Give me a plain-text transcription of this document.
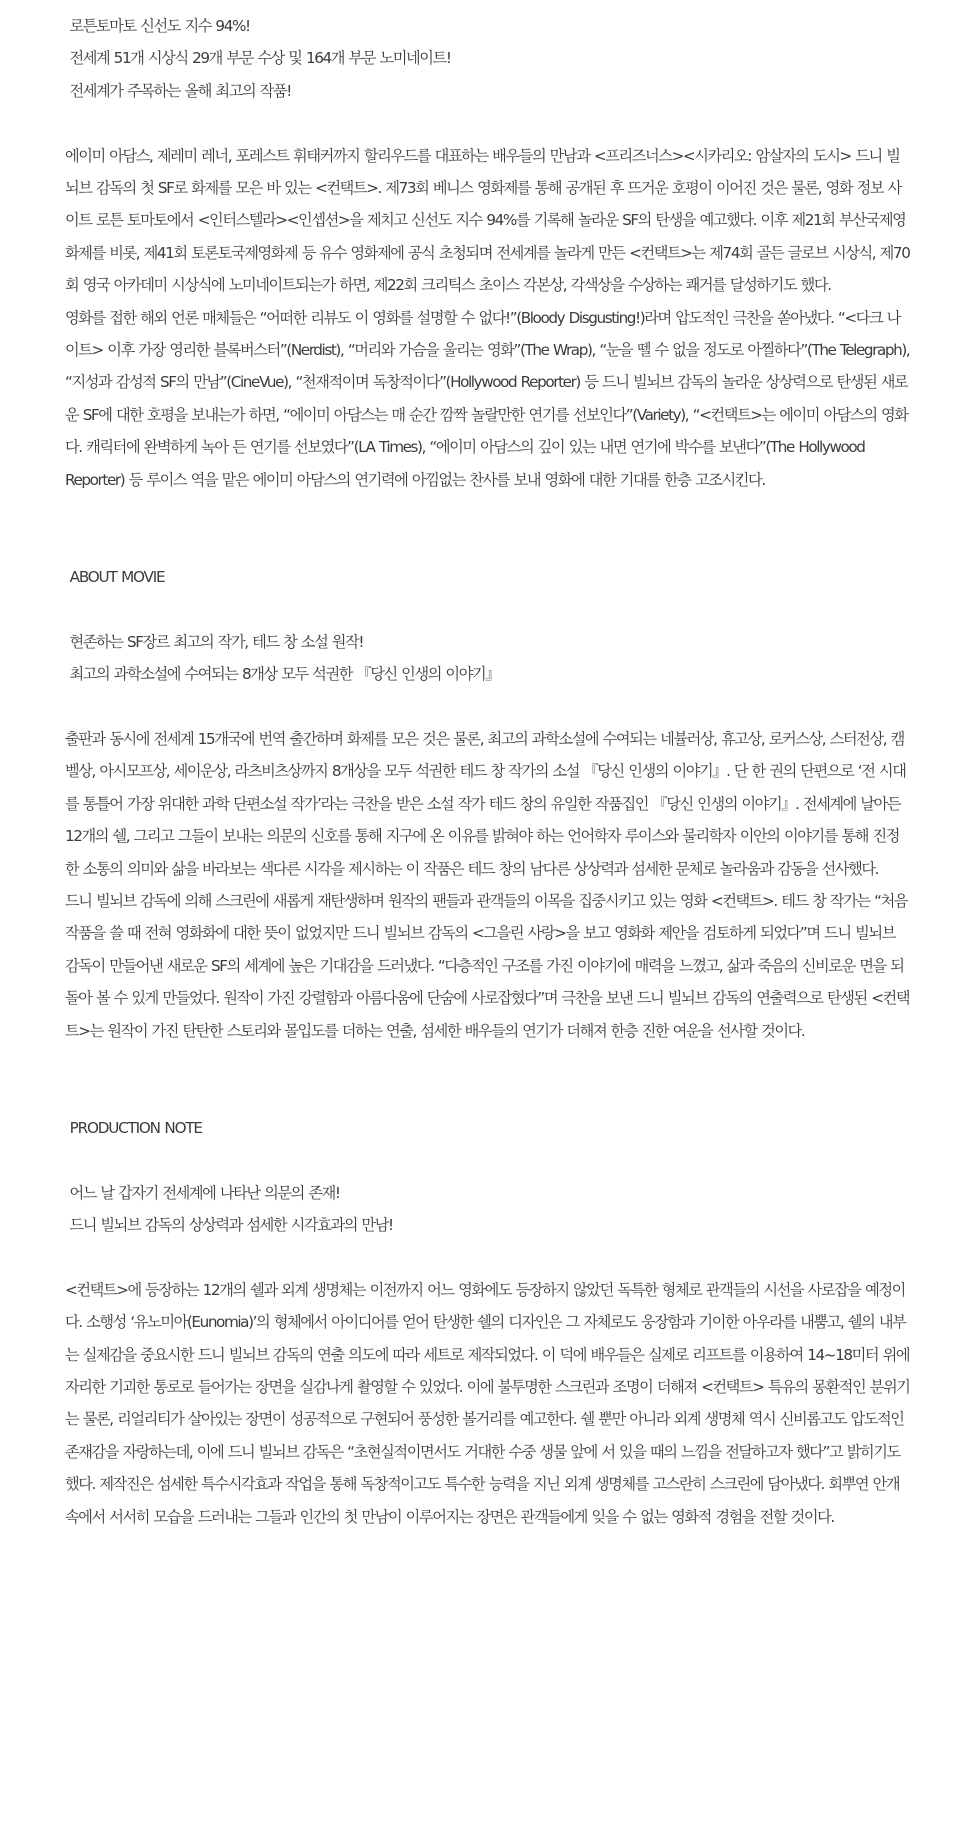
로튼토마토 신선도 지수 94%!

전세계 51개 시상식 29개 부문 수상 및 164개 부문 노미네이트!

전세계가 주목하는 올해 최고의 작품!

에이미 아담스, 제레미 레너, 포레스트 휘태커까지 할리우드를 대표하는 배우들의 만남과 <프리즈너스><시카리오: 암살자의 도시> 드니 빌뇌브 감독의 첫 SF로 화제를 모은 바 있는 <컨택트>. 제73회 베니스 영화제를 통해 공개된 후 뜨거운 호평이 이어진 것은 물론, 영화 정보 사이트 로튼 토마토에서 <인터스텔라><인셉션>을 제치고 신선도 지수 94%를 기록해 놀라운 SF의 탄생을 예고했다. 이후 제21회 부산국제영화제를 비롯, 제41회 토론토국제영화제 등 유수 영화제에 공식 초청되며 전세계를 놀라게 만든 <컨택트>는 제74회 골든 글로브 시상식, 제70회 영국 아카데미 시상식에 노미네이트되는가 하면, 제22회 크리틱스 초이스 각본상, 각색상을 수상하는 쾌거를 달성하기도 했다.

영화를 접한 해외 언론 매체들은 “어떠한 리뷰도 이 영화를 설명할 수 없다!”(Bloody Disgusting!)라며 압도적인 극찬을 쏟아냈다. “<다크 나이트> 이후 가장 영리한 블록버스터”(Nerdist), “머리와 가슴을 울리는 영화”(The Wrap), “눈을 뗄 수 없을 정도로 아찔하다”(The Telegraph), “지성과 감성적 SF의 만남”(CineVue), “천재적이며 독창적이다”(Hollywood Reporter) 등 드니 빌뇌브 감독의 놀라운 상상력으로 탄생된 새로운 SF에 대한 호평을 보내는가 하면, “에이미 아담스는 매 순간 깜짝 놀랄만한 연기를 선보인다”(Variety), “<컨택트>는 에이미 아담스의 영화다. 캐릭터에 완벽하게 녹아 든 연기를 선보였다”(LA Times), “에이미 아담스의 깊이 있는 내면 연기에 박수를 보낸다”(The Hollywood Reporter) 등 루이스 역을 맡은 에이미 아담스의 연기력에 아낌없는 찬사를 보내 영화에 대한 기대를 한층 고조시킨다.

ABOUT MOVIE

현존하는 SF장르 최고의 작가, 테드 창 소설 원작!

최고의 과학소설에 수여되는 8개상 모두 석권한 『당신 인생의 이야기』

출판과 동시에 전세계 15개국에 번역 출간하며 화제를 모은 것은 물론, 최고의 과학소설에 수여되는 네뷸러상, 휴고상, 로커스상, 스터전상, 캠벨상, 아시모프상, 세이운상, 라츠비츠상까지 8개상을 모두 석권한 테드 창 작가의 소설 『당신 인생의 이야기』. 단 한 권의 단편으로 ‘전 시대를 통틀어 가장 위대한 과학 단편소설 작가’라는 극찬을 받은 소설 작가 테드 창의 유일한 작품집인 『당신 인생의 이야기』. 전세계에 날아든 12개의 쉘, 그리고 그들이 보내는 의문의 신호를 통해 지구에 온 이유를 밝혀야 하는 언어학자 루이스와 물리학자 이안의 이야기를 통해 진정한 소통의 의미와 삶을 바라보는 색다른 시각을 제시하는 이 작품은 테드 창의 남다른 상상력과 섬세한 문체로 놀라움과 감동을 선사했다.

드니 빌뇌브 감독에 의해 스크린에 새롭게 재탄생하며 원작의 팬들과 관객들의 이목을 집중시키고 있는 영화 <컨택트>. 테드 창 작가는 “처음 작품을 쓸 때 전혀 영화화에 대한 뜻이 없었지만 드니 빌뇌브 감독의 <그을린 사랑>을 보고 영화화 제안을 검토하게 되었다”며 드니 빌뇌브 감독이 만들어낸 새로운 SF의 세계에 높은 기대감을 드러냈다. “다층적인 구조를 가진 이야기에 매력을 느꼈고, 삶과 죽음의 신비로운 면을 되돌아 볼 수 있게 만들었다. 원작이 가진 강렬함과 아름다움에 단숨에 사로잡혔다”며 극찬을 보낸 드니 빌뇌브 감독의 연출력으로 탄생된 <컨택트>는 원작이 가진 탄탄한 스토리와 몰입도를 더하는 연출, 섬세한 배우들의 연기가 더해져 한층 진한 여운을 선사할 것이다.

PRODUCTION NOTE

어느 날 갑자기 전세계에 나타난 의문의 존재!

드니 빌뇌브 감독의 상상력과 섬세한 시각효과의 만남!

<컨택트>에 등장하는 12개의 쉘과 외계 생명체는 이전까지 어느 영화에도 등장하지 않았던 독특한 형체로 관객들의 시선을 사로잡을 예정이다. 소행성 ‘유노미아(Eunomia)’의 형체에서 아이디어를 얻어 탄생한 쉘의 디자인은 그 자체로도 웅장함과 기이한 아우라를 내뿜고, 쉘의 내부는 실제감을 중요시한 드니 빌뇌브 감독의 연출 의도에 따라 세트로 제작되었다. 이 덕에 배우들은 실제로 리프트를 이용하여 14~18미터 위에 자리한 기괴한 통로로 들어가는 장면을 실감나게 촬영할 수 있었다. 이에 불투명한 스크린과 조명이 더해져 <컨택트> 특유의 몽환적인 분위기는 물론, 리얼리티가 살아있는 장면이 성공적으로 구현되어 풍성한 볼거리를 예고한다. 쉘 뿐만 아니라 외계 생명체 역시 신비롭고도 압도적인 존재감을 자랑하는데, 이에 드니 빌뇌브 감독은 “초현실적이면서도 거대한 수중 생물 앞에 서 있을 때의 느낌을 전달하고자 했다”고 밝히기도 했다. 제작진은 섬세한 특수시각효과 작업을 통해 독창적이고도 특수한 능력을 지닌 외계 생명체를 고스란히 스크린에 담아냈다. 회뿌연 안개 속에서 서서히 모습을 드러내는 그들과 인간의 첫 만남이 이루어지는 장면은 관객들에게 잊을 수 없는 영화적 경험을 전할 것이다.
